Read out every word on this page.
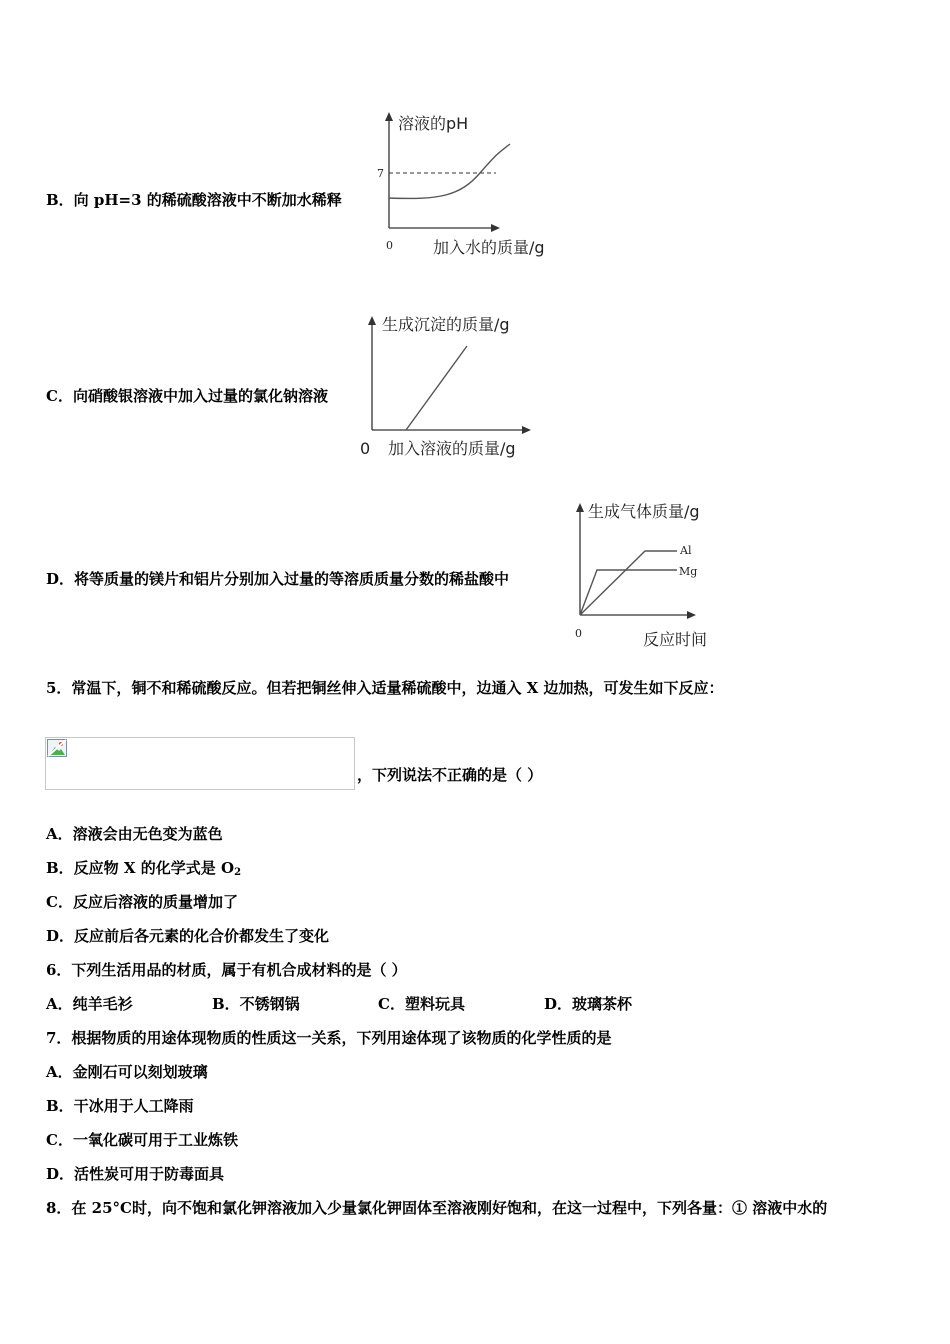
B．向 pH=3 的稀硫酸溶液中不断加水稀释
溶液的pH
7
0	加入水的质量/g
C．向硝酸银溶液中加入过量的氯化钠溶液
生成沉淀的质量/g
0 加入溶液的质量/g
D．将等质量的镁片和铝片分别加入过量的等溶质质量分数的稀盐酸中
生成气体质量/g
Al
Mg
0	反应时间
5．常温下，铜不和稀硫酸反应。但若把铜丝伸入适量稀硫酸中，边通入 X 边加热，可发生如下反应：
，下列说法不正确的是（ ）
A．溶液会由无色变为蓝色
B．反应物 X 的化学式是 $O_2$
C．反应后溶液的质量增加了
D．反应前后各元素的化合价都发生了变化
6．下列生活用品的材质，属于有机合成材料的是（ ）
A．纯羊毛衫	B．不锈钢锅	C．塑料玩具	D．玻璃茶杯
7．根据物质的用途体现物质的性质这一关系，下列用途体现了该物质的化学性质的是
A．金刚石可以刻划玻璃
B．干冰用于人工降雨
C．一氧化碳可用于工业炼铁
D．活性炭可用于防毒面具
8．在 25°C时，向不饱和氯化钾溶液加入少量氯化钾固体至溶液刚好饱和，在这一过程中，下列各量：① 溶液中水的
